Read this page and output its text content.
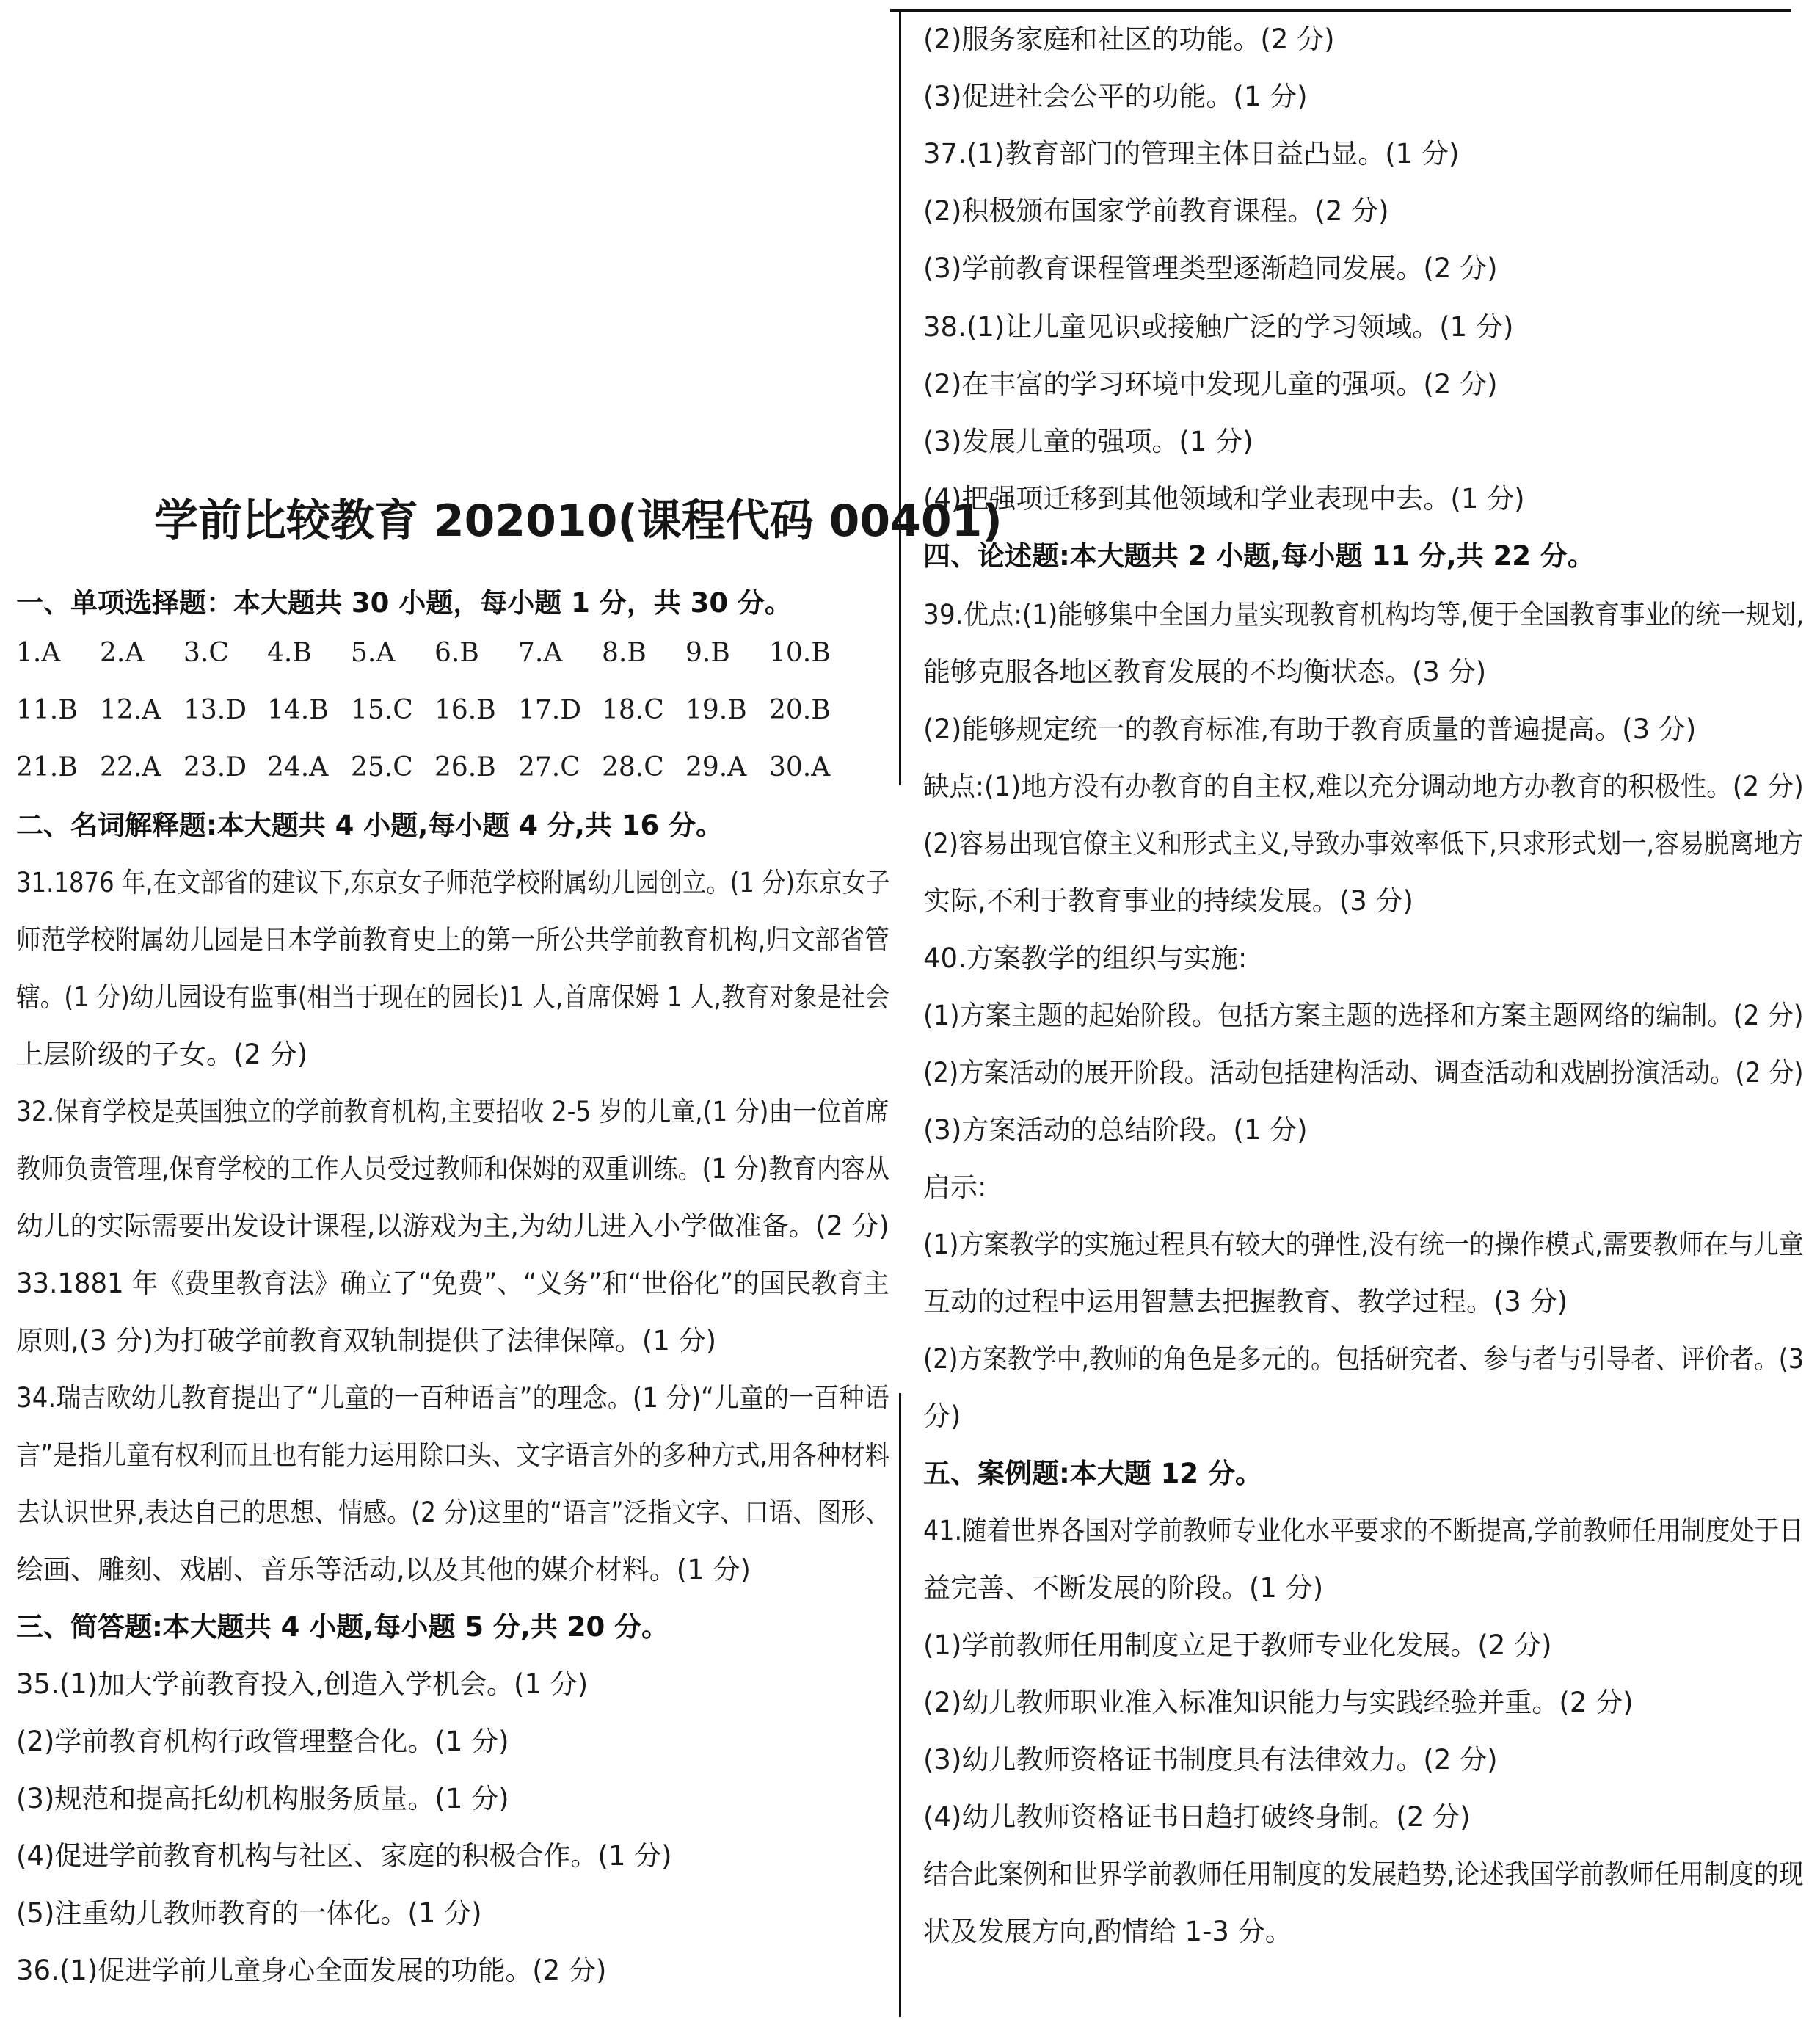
学前比较教育 202010(课程代码 00401)
一、单项选择题：本大题共 30 小题，每小题 1 分，共 30 分。
1.A 2.A 3.C 4.B 5.A 6.B 7.A 8.B 9.B 10.B
11.B 12.A 13.D 14.B 15.C 16.B 17.D 18.C 19.B 20.B
21.B 22.A 23.D 24.A 25.C 26.B 27.C 28.C 29.A 30.A
二、名词解释题:本大题共 4 小题,每小题 4 分,共 16 分。
31.1876 年,在文部省的建议下,东京女子师范学校附属幼儿园创立。(1 分)东京女子
师范学校附属幼儿园是日本学前教育史上的第一所公共学前教育机构,归文部省管
辖。(1 分)幼儿园设有监事(相当于现在的园长)1 人,首席保姆 1 人,教育对象是社会
上层阶级的子女。(2 分)
32.保育学校是英国独立的学前教育机构,主要招收 2-5 岁的儿童,(1 分)由一位首席
教师负责管理,保育学校的工作人员受过教师和保姆的双重训练。(1 分)教育内容从
幼儿的实际需要出发设计课程,以游戏为主,为幼儿进入小学做准备。(2 分)
33.1881 年《费里教育法》确立了“免费”、“义务”和“世俗化”的国民教育主
原则,(3 分)为打破学前教育双轨制提供了法律保障。(1 分)
34.瑞吉欧幼儿教育提出了“儿童的一百种语言”的理念。(1 分)“儿童的一百种语
言”是指儿童有权利而且也有能力运用除口头、文字语言外的多种方式,用各种材料
去认识世界,表达自己的思想、情感。(2 分)这里的“语言”泛指文字、口语、图形、
绘画、雕刻、戏剧、音乐等活动,以及其他的媒介材料。(1 分)
三、简答题:本大题共 4 小题,每小题 5 分,共 20 分。
35.(1)加大学前教育投入,创造入学机会。(1 分)
(2)学前教育机构行政管理整合化。(1 分)
(3)规范和提高托幼机构服务质量。(1 分)
(4)促进学前教育机构与社区、家庭的积极合作。(1 分)
(5)注重幼儿教师教育的一体化。(1 分)
36.(1)促进学前儿童身心全面发展的功能。(2 分)
(2)服务家庭和社区的功能。(2 分)
(3)促进社会公平的功能。(1 分)
37.(1)教育部门的管理主体日益凸显。(1 分)
(2)积极颁布国家学前教育课程。(2 分)
(3)学前教育课程管理类型逐渐趋同发展。(2 分)
38.(1)让儿童见识或接触广泛的学习领域。(1 分)
(2)在丰富的学习环境中发现儿童的强项。(2 分)
(3)发展儿童的强项。(1 分)
(4)把强项迁移到其他领域和学业表现中去。(1 分)
四、论述题:本大题共 2 小题,每小题 11 分,共 22 分。
39.优点:(1)能够集中全国力量实现教育机构均等,便于全国教育事业的统一规划,
能够克服各地区教育发展的不均衡状态。(3 分)
(2)能够规定统一的教育标准,有助于教育质量的普遍提高。(3 分)
缺点:(1)地方没有办教育的自主权,难以充分调动地方办教育的积极性。(2 分)
(2)容易出现官僚主义和形式主义,导致办事效率低下,只求形式划一,容易脱离地方
实际,不利于教育事业的持续发展。(3 分)
40.方案教学的组织与实施:
(1)方案主题的起始阶段。包括方案主题的选择和方案主题网络的编制。(2 分)
(2)方案活动的展开阶段。活动包括建构活动、调查活动和戏剧扮演活动。(2 分)
(3)方案活动的总结阶段。(1 分)
启示:
(1)方案教学的实施过程具有较大的弹性,没有统一的操作模式,需要教师在与儿童
互动的过程中运用智慧去把握教育、教学过程。(3 分)
(2)方案教学中,教师的角色是多元的。包括研究者、参与者与引导者、评价者。(3
分)
五、案例题:本大题 12 分。
41.随着世界各国对学前教师专业化水平要求的不断提高,学前教师任用制度处于日
益完善、不断发展的阶段。(1 分)
(1)学前教师任用制度立足于教师专业化发展。(2 分)
(2)幼儿教师职业准入标准知识能力与实践经验并重。(2 分)
(3)幼儿教师资格证书制度具有法律效力。(2 分)
(4)幼儿教师资格证书日趋打破终身制。(2 分)
结合此案例和世界学前教师任用制度的发展趋势,论述我国学前教师任用制度的现
状及发展方向,酌情给 1-3 分。
